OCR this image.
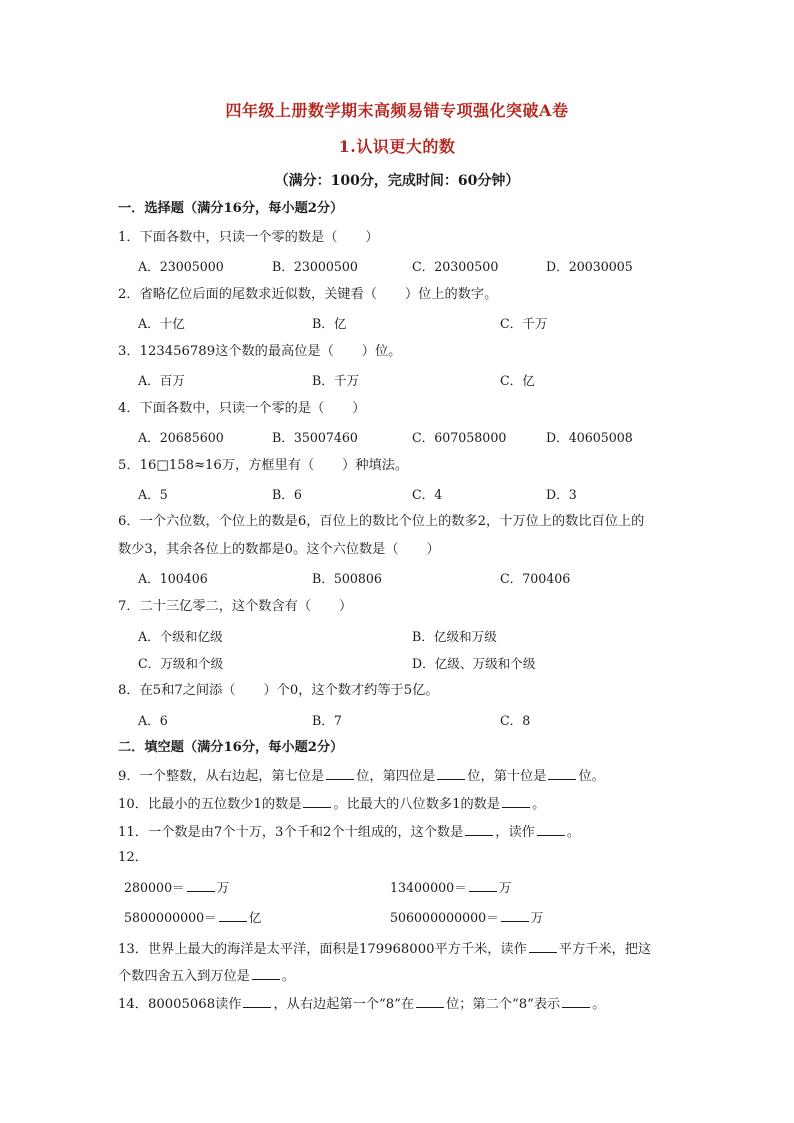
四年级上册数学期末高频易错专项强化突破A卷
1.认识更大的数
（满分：100分，完成时间：60分钟）
一．选择题（满分16分，每小题2分）
1．下面各数中，只读一个零的数是（ ）
A．23005000	B．23000500	C．20300500	D．20030005
2．省略亿位后面的尾数求近似数，关键看（ ）位上的数字。
A．十亿	B．亿	C．千万
3．123456789这个数的最高位是（ ）位。
A．百万	B．千万	C．亿
4．下面各数中，只读一个零的是（ ）
A．20685600	B．35007460	C．607058000	D．40605008
5．16□158≈16万，方框里有（ ）种填法。
A．5	B．6	C．4	D．3
6．一个六位数，个位上的数是6，百位上的数比个位上的数多2，十万位上的数比百位上的
数少3，其余各位上的数都是0。这个六位数是（ ）
A．100406	B．500806	C．700406
7．二十三亿零二，这个数含有（ ）
A．个级和亿级	B．亿级和万级
C．万级和个级	D．亿级、万级和个级
8．在5和7之间添（ ）个0，这个数才约等于5亿。
A．6	B．7	C．8
二．填空题（满分16分，每小题2分）
9．一个整数，从右边起，第七位是 位，第四位是 位，第十位是 位。
10．比最小的五位数少1的数是 。比最大的八位数多1的数是 。
11．一个数是由7个十万，3个千和2个十组成的，这个数是 ，读作 。
12．
280000＝	万	13400000＝	万
5800000000＝	亿	506000000000＝	万
13．世界上最大的海洋是太平洋，面积是179968000平方千米，读作 平方千米，把这
个数四舍五入到万位是 。
14．80005068读作 ，从右边起第一个“8”在 位；第二个“8”表示 。
